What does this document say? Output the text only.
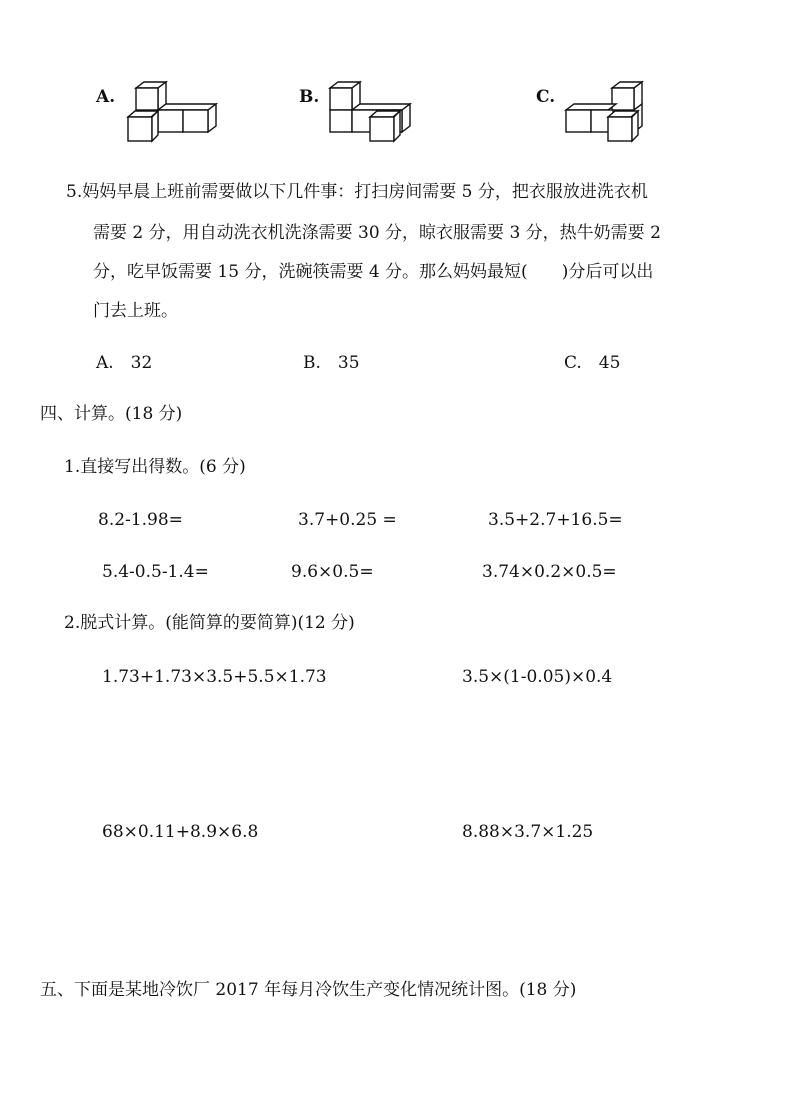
A.	B.	C.
5.妈妈早晨上班前需要做以下几件事：打扫房间需要 5 分，把衣服放进洗衣机
需要 2 分，用自动洗衣机洗涤需要 30 分，晾衣服需要 3 分，热牛奶需要 2
分，吃早饭需要 15 分，洗碗筷需要 4 分。那么妈妈最短(　　)分后可以出
门去上班。
A.　32	B.　35	C.　45
四、计算。(18 分)
1.直接写出得数。(6 分)
8.2-1.98=	3.7+0.25 =	3.5+2.7+16.5=
5.4-0.5-1.4=	9.6×0.5=	3.74×0.2×0.5=
2.脱式计算。(能简算的要简算)(12 分)
1.73+1.73×3.5+5.5×1.73	3.5×(1-0.05)×0.4
68×0.11+8.9×6.8	8.88×3.7×1.25
五、下面是某地冷饮厂 2017 年每月冷饮生产变化情况统计图。(18 分)
